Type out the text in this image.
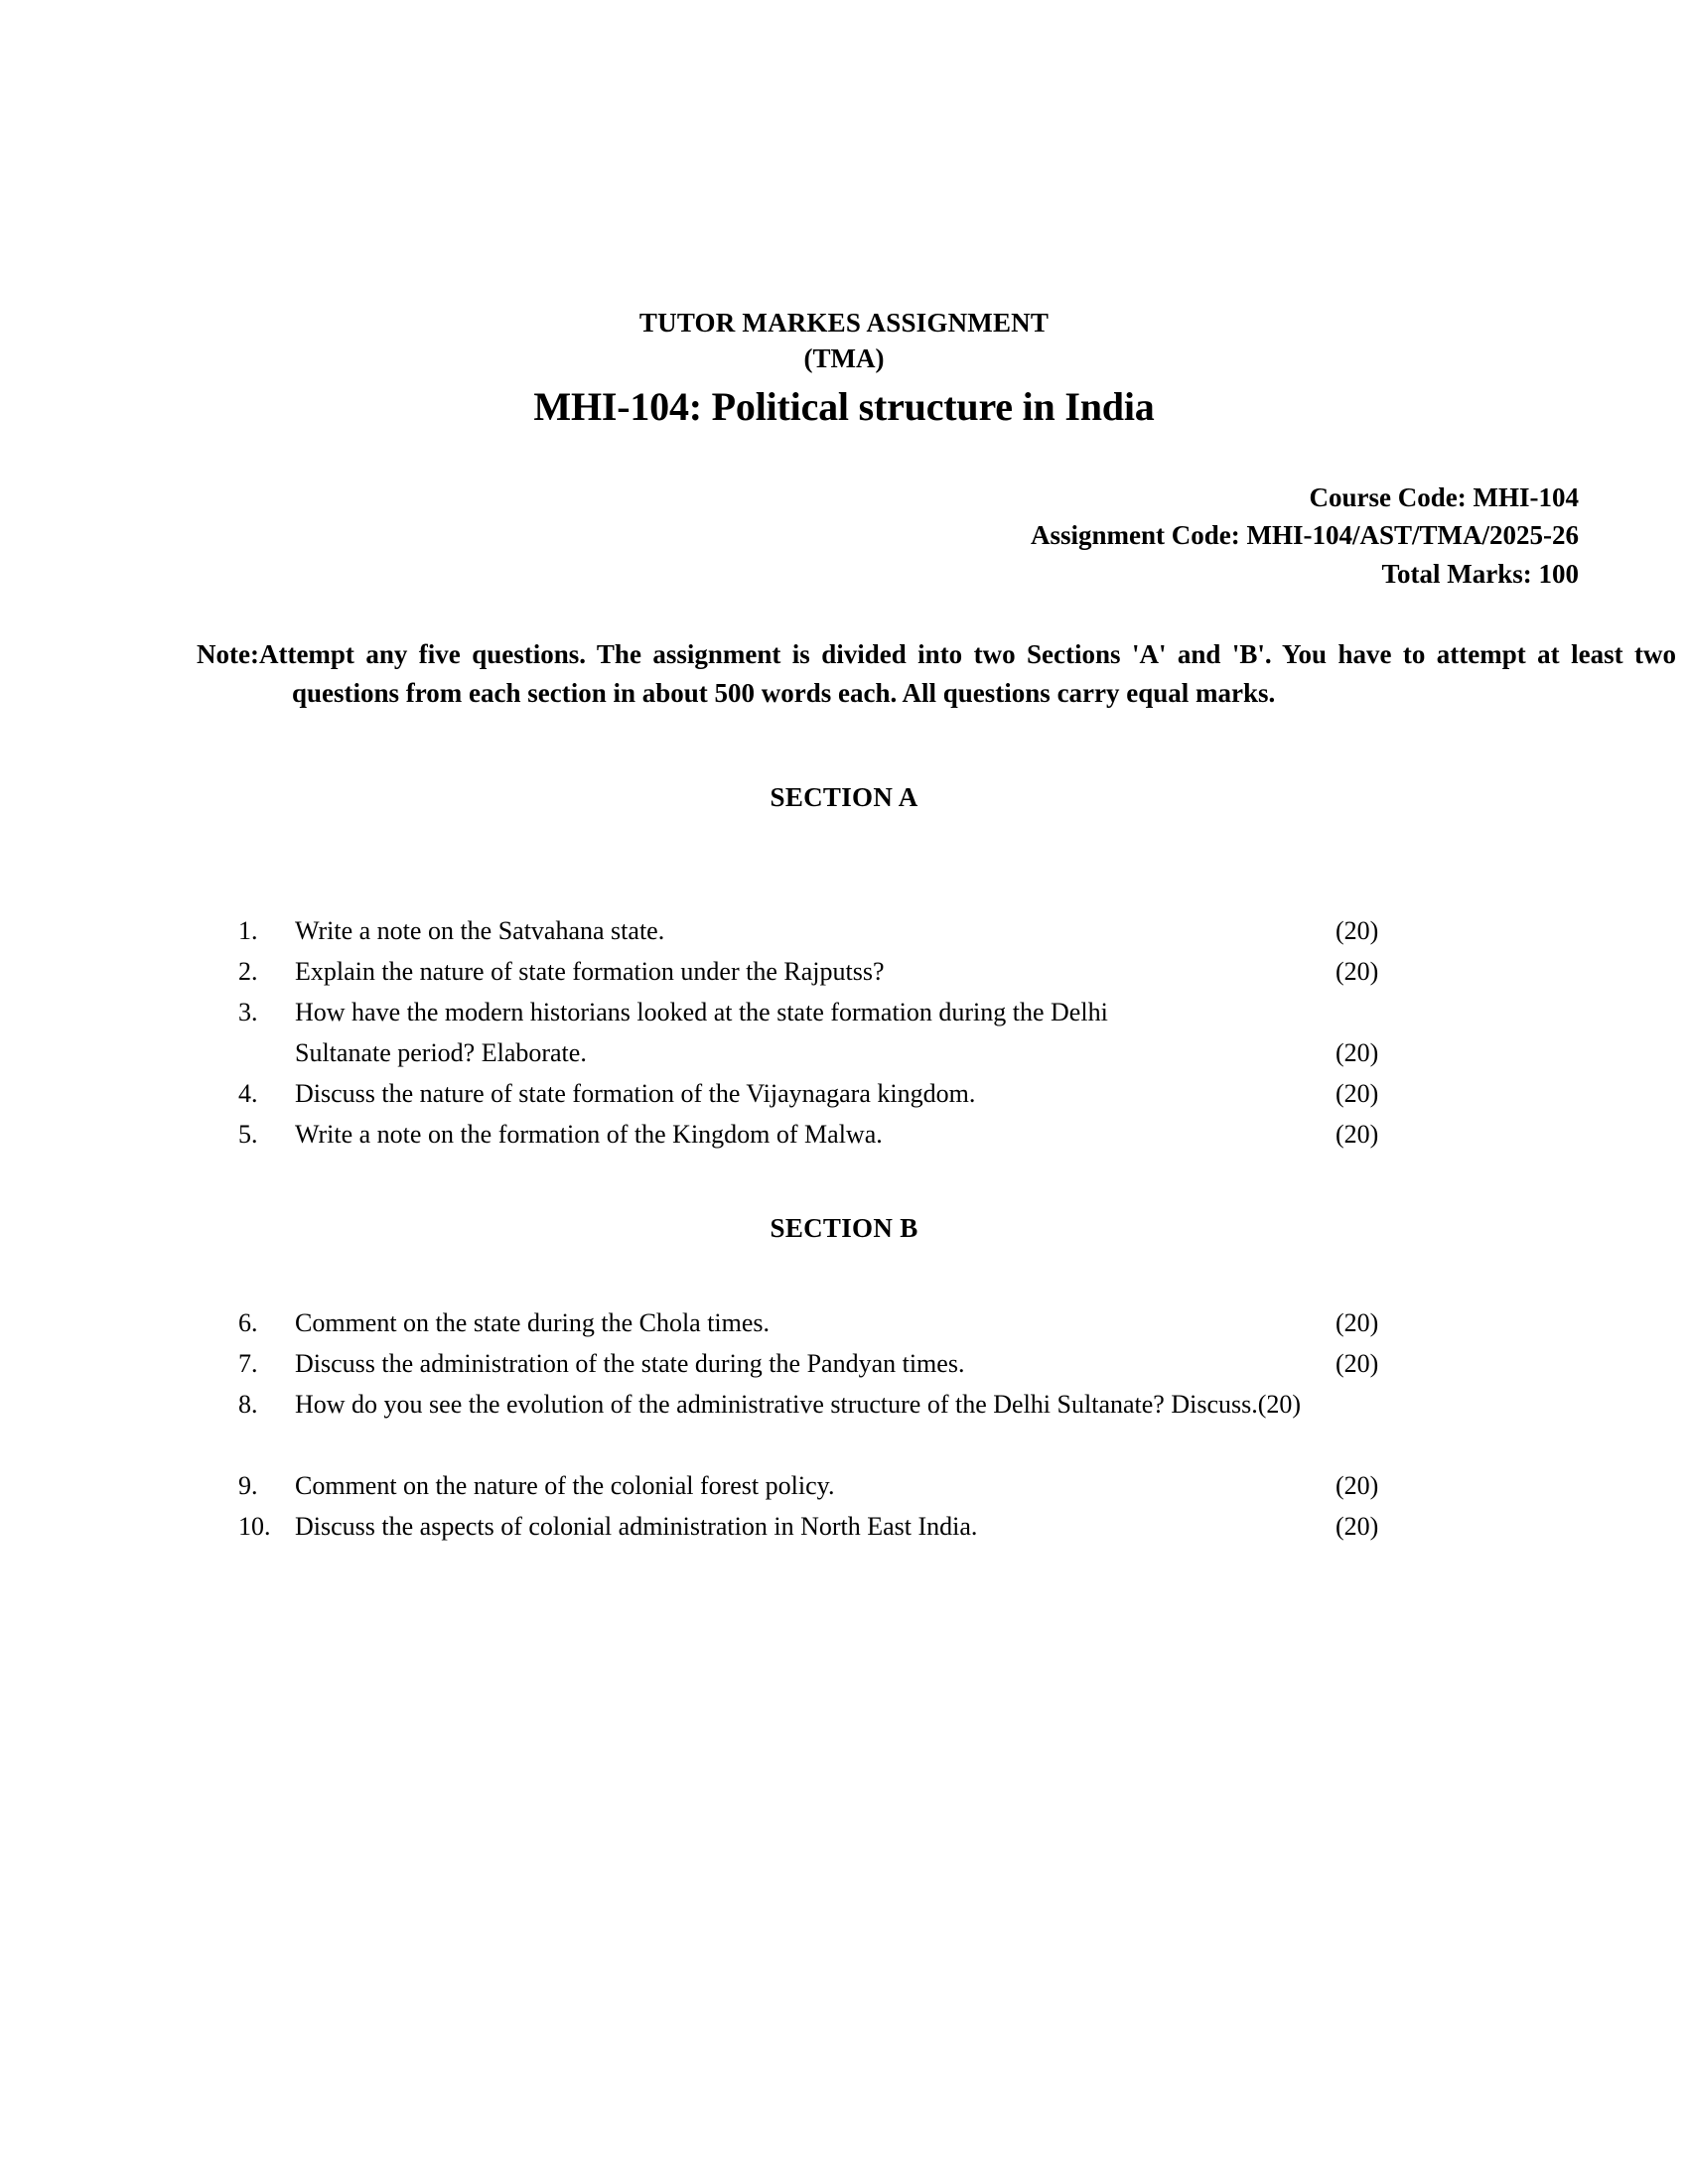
TUTOR MARKES ASSIGNMENT
(TMA)
MHI-104: Political structure in India
Course Code: MHI-104
Assignment Code: MHI-104/AST/TMA/2025-26
Total Marks: 100
Note:Attempt any five questions. The assignment is divided into two Sections 'A' and 'B'. You have to attempt at least two questions from each section in about 500 words each. All questions carry equal marks.
SECTION A
1.	Write a note on the Satvahana state.	(20)
2.	Explain the nature of state formation under the Rajputss?	(20)
3.	How have the modern historians looked at the state formation during the Delhi
Sultanate period? Elaborate.	(20)
4.	Discuss the nature of state formation of the Vijaynagara kingdom.	(20)
5.	Write a note on the formation of the Kingdom of Malwa.	(20)
SECTION B
6.	Comment on the state during the Chola times.	(20)
7.	Discuss the administration of the state during the Pandyan times.	(20)
8.	How do you see the evolution of the administrative structure of the Delhi Sultanate? Discuss.(20)
9.	Comment on the nature of the colonial forest policy.	(20)
10. Discuss the aspects of colonial administration in North East India.	(20)
